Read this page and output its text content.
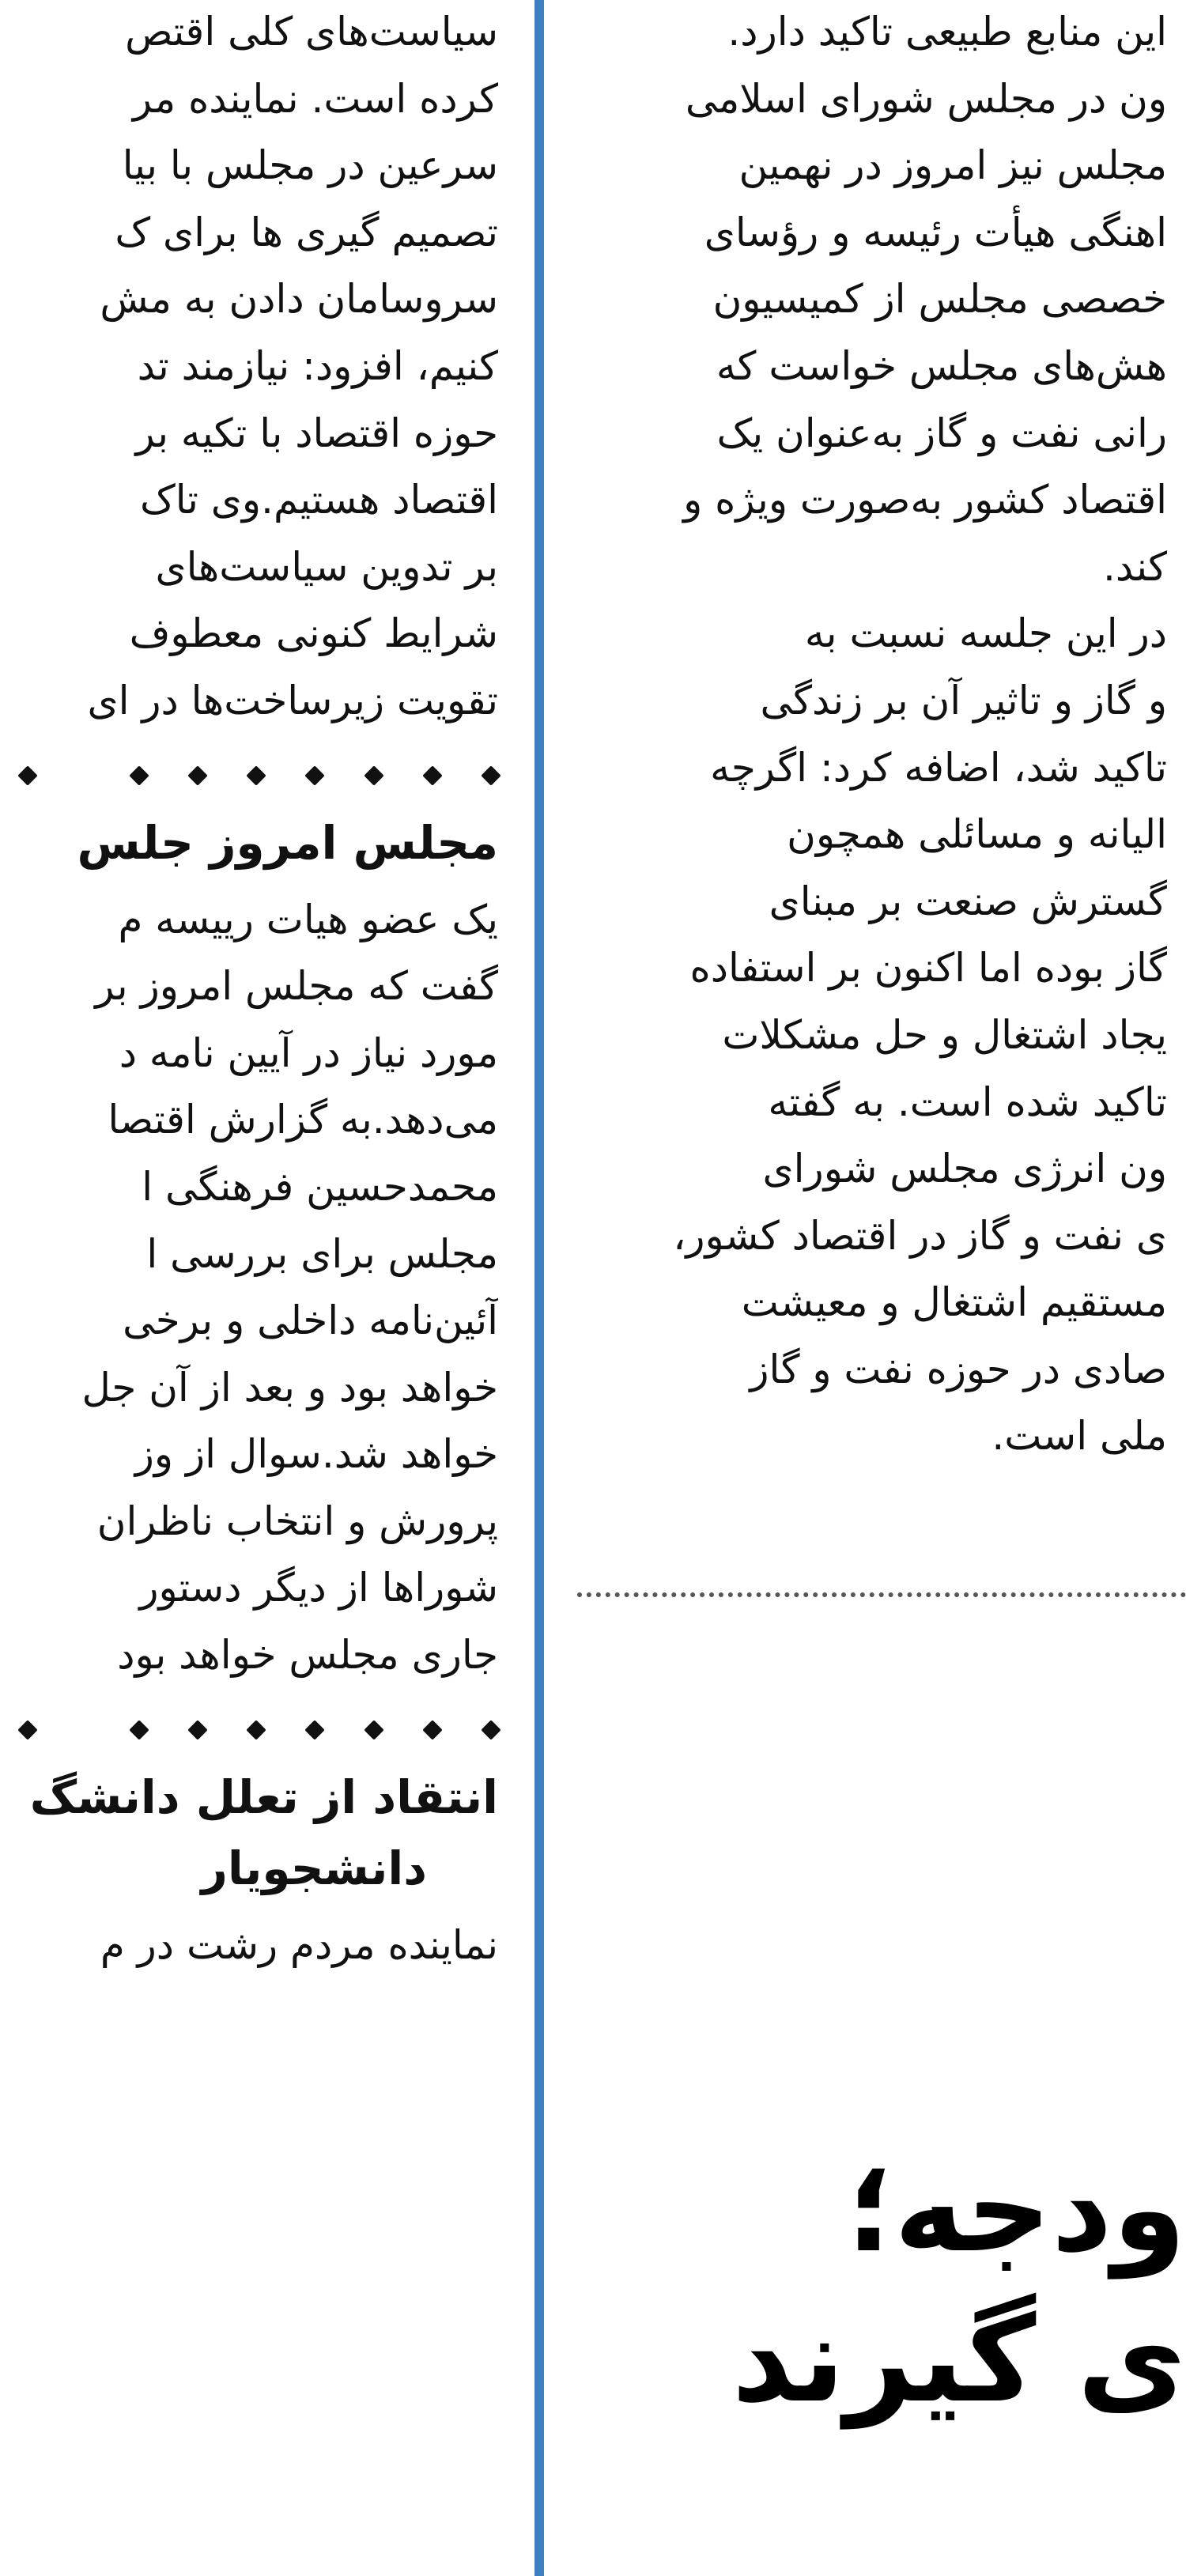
این منابع طبیعی تاکید دارد.
ون در مجلس شورای اسلامی
مجلس نیز امروز در نهمین
اهنگی هیأت رئیسه و رؤسای
خصصی مجلس از کمیسیون
هش‌های مجلس خواست که
رانی نفت و گاز به‌عنوان یک
اقتصاد کشور به‌صورت ویژه و
کند.
در این جلسه نسبت به
و گاز و تاثیر آن بر زندگی
تاکید شد، اضافه کرد: اگرچه
الیانه و مسائلی همچون
گسترش صنعت بر مبنای
گاز بوده اما اکنون بر استفاده
یجاد اشتغال و حل مشکلات
تاکید شده است. به گفته
ون انرژی مجلس شورای
ی نفت و گاز در اقتصاد کشور،
مستقیم اشتغال و معیشت
صادی در حوزه نفت و گاز
ملی است.
ودجه؛
ی گیرند
سیاست‌های کلی اقتص
کرده است. نماینده مر
سرعین در مجلس با بیا
تصمیم گیری ها برای ک
سروسامان دادن به مش
کنیم، افزود: نیازمند تد
حوزه اقتصاد با تکیه بر
اقتصاد هستیم.وی تاک
بر تدوین سیاست‌های
شرایط کنونی معطوف
تقویت زیرساخت‌ها در ای
مجلس امروز جلس
یک عضو هیات رییسه م
گفت که مجلس امروز بر
مورد نیاز در آیین نامه د
می‌دهد.به گزارش اقتصا
محمدحسین فرهنگی ا
مجلس برای بررسی ا
آئین‌نامه داخلی و برخی
خواهد بود و بعد از آن جل
خواهد شد.سوال از وز
پرورش و انتخاب ناظران
شوراها از دیگر دستور
جاری مجلس خواهد بود
انتقاد از تعلل دانشگ
دانشجویار
نماینده مردم رشت در م
